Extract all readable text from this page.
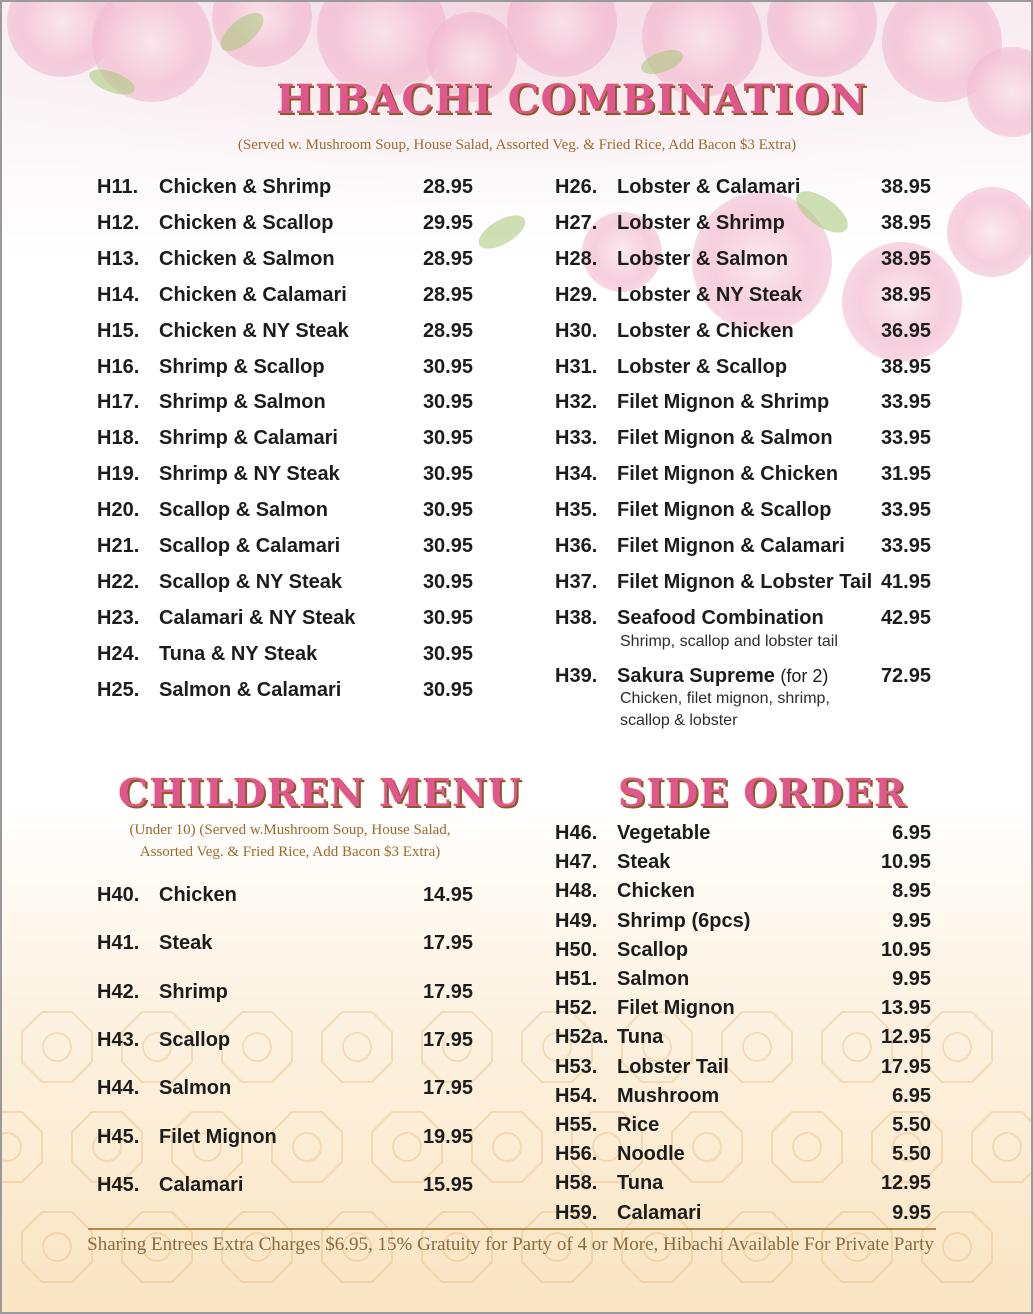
HIBACHI COMBINATION
(Served w. Mushroom Soup, House Salad, Assorted Veg. & Fried Rice, Add Bacon $3 Extra)
H11. Chicken & Shrimp	28.95
H12. Chicken & Scallop	29.95
H13. Chicken & Salmon	28.95
H14. Chicken & Calamari	28.95
H15. Chicken & NY Steak	28.95
H16. Shrimp & Scallop	30.95
H17. Shrimp & Salmon	30.95
H18. Shrimp & Calamari	30.95
H19. Shrimp & NY Steak	30.95
H20. Scallop & Salmon	30.95
H21. Scallop & Calamari	30.95
H22. Scallop & NY Steak	30.95
H23. Calamari & NY Steak	30.95
H24. Tuna & NY Steak	30.95
H25. Salmon & Calamari	30.95
H26. Lobster & Calamari	38.95
H27. Lobster & Shrimp	38.95
H28. Lobster & Salmon	38.95
H29. Lobster & NY Steak	38.95
H30. Lobster & Chicken	36.95
H31. Lobster & Scallop	38.95
H32. Filet Mignon & Shrimp	33.95
H33. Filet Mignon & Salmon 33.95
H34. Filet Mignon & Chicken 31.95
H35. Filet Mignon & Scallop 33.95
H36. Filet Mignon & Calamari 33.95
H37. Filet Mignon & Lobster Tail 41.95
H38. Seafood Combination	42.95
Shrimp, scallop and lobster tail
H39. Sakura Supreme (for 2)	72.95
Chicken, filet mignon, shrimp,
scallop & lobster
CHILDREN MENU
(Under 10) (Served w.Mushroom Soup, House Salad,
Assorted Veg. & Fried Rice, Add Bacon $3 Extra)
H40. Chicken	14.95
H41. Steak	17.95
H42. Shrimp	17.95
H43. Scallop	17.95
H44. Salmon	17.95
H45. Filet Mignon	19.95
H45. Calamari	15.95
SIDE ORDER
H46. Vegetable	6.95
H47. Steak	10.95
H48. Chicken	8.95
H49. Shrimp (6pcs)	9.95
H50. Scallop	10.95
H51. Salmon	9.95
H52. Filet Mignon	13.95
H52a. Tuna	12.95
H53. Lobster Tail	17.95
H54. Mushroom	6.95
H55. Rice	5.50
H56. Noodle	5.50
H58. Tuna	12.95
H59. Calamari	9.95
Sharing Entrees Extra Charges $6.95, 15% Gratuity for Party of 4 or More, Hibachi Available For Private Party
